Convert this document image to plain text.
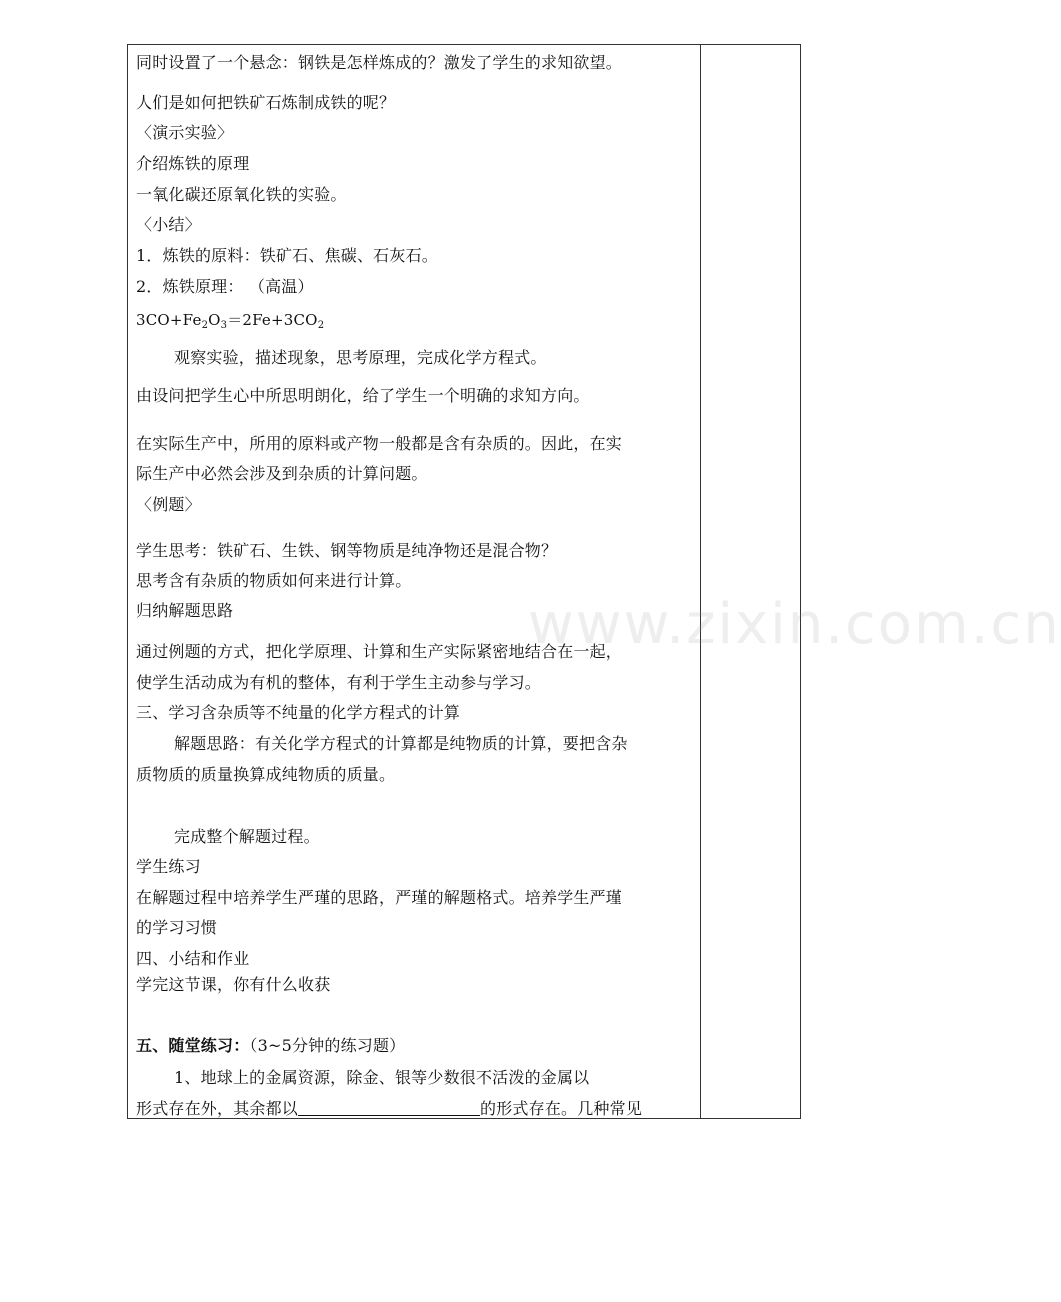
同时设置了一个悬念：钢铁是怎样炼成的？激发了学生的求知欲望。
人们是如何把铁矿石炼制成铁的呢？
〈演示实验〉
介绍炼铁的原理
一氧化碳还原氧化铁的实验。
〈小结〉
1．炼铁的原料：铁矿石、焦碳、石灰石。
2．炼铁原理： （高温）
$3CO+Fe_2O_3=2Fe+3CO_2$
观察实验，描述现象，思考原理，完成化学方程式。
由设问把学生心中所思明朗化，给了学生一个明确的求知方向。
在实际生产中，所用的原料或产物一般都是含有杂质的。因此，在实
际生产中必然会涉及到杂质的计算问题。
〈例题〉
学生思考：铁矿石、生铁、钢等物质是纯净物还是混合物？
思考含有杂质的物质如何来进行计算。
归纳解题思路
通过例题的方式，把化学原理、计算和生产实际紧密地结合在一起，
使学生活动成为有机的整体，有利于学生主动参与学习。
三、学习含杂质等不纯量的化学方程式的计算
解题思路：有关化学方程式的计算都是纯物质的计算，要把含杂
质物质的质量换算成纯物质的质量。
完成整个解题过程。
学生练习
在解题过程中培养学生严瑾的思路，严瑾的解题格式。培养学生严瑾
的学习习惯
四、小结和作业
学完这节课，你有什么收获
五、随堂练习：（3~5分钟的练习题）
1、地球上的金属资源，除金、银等少数很不活泼的金属以
形式存在外，其余都以	的形式存在。几种常见
www.zixin.com.cn
